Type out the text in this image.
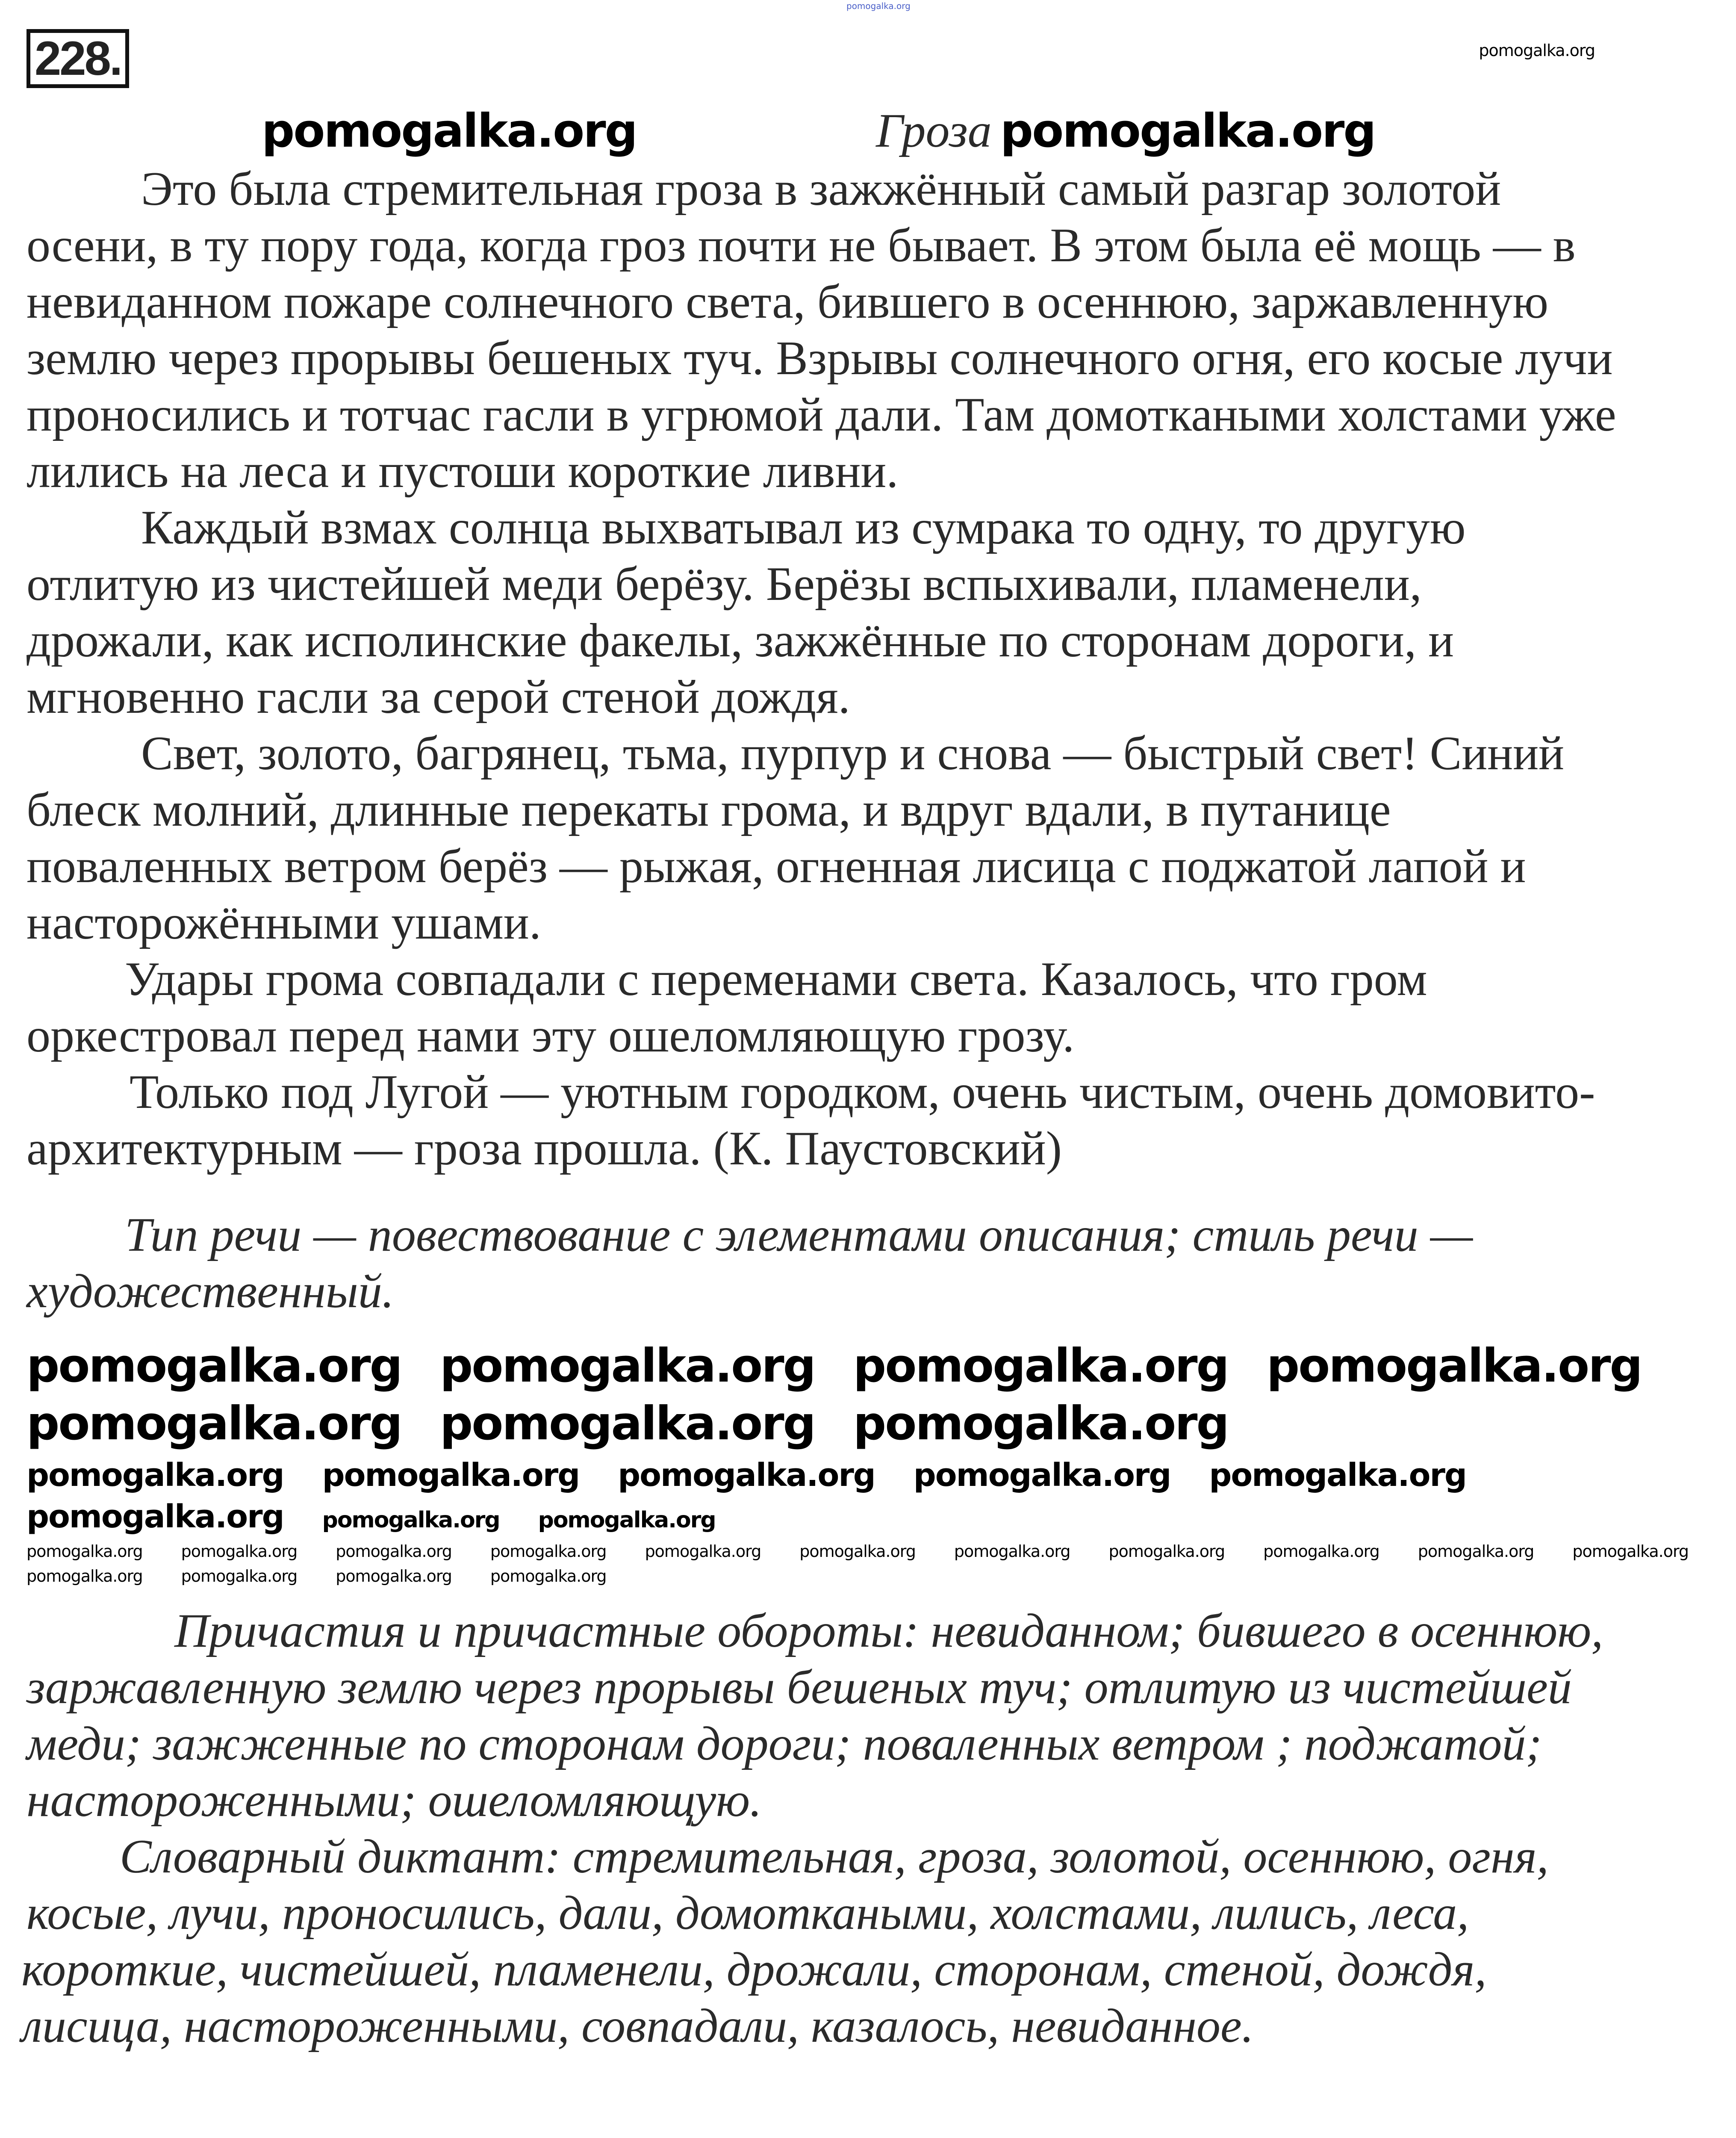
pomogalka.org
228.	pomogalka.org
pomogalka.org	Гроза pomogalka.org
Это была стремительная гроза в зажжённый самый разгар золотой
осени, в ту пору года, когда гроз почти не бывает. В этом была её мощь — в
невиданном пожаре солнечного света, бившего в осеннюю, заржавленную
землю через прорывы бешеных туч. Взрывы солнечного огня, его косые лучи
проносились и тотчас гасли в угрюмой дали. Там домоткаными холстами уже
лились на леса и пустоши короткие ливни.
Каждый взмах солнца выхватывал из сумрака то одну, то другую
отлитую из чистейшей меди берёзу. Берёзы вспыхивали, пламенели,
дрожали, как исполинские факелы, зажжённые по сторонам дороги, и
мгновенно гасли за серой стеной дождя.
Свет, золото, багрянец, тьма, пурпур и снова — быстрый свет! Синий
блеск молний, длинные перекаты грома, и вдруг вдали, в путанице
поваленных ветром берёз — рыжая, огненная лисица с поджатой лапой и
насторожёнными ушами.
Удары грома совпадали с переменами света. Казалось, что гром
оркестровал перед нами эту ошеломляющую грозу.
Только под Лугой — уютным городком, очень чистым, очень домовито-
архитектурным — гроза прошла. (К. Паустовский)
Тип речи — повествование с элементами описания; стиль речи —
художественный.
pomogalka.org pomogalka.org pomogalka.org pomogalka.org
pomogalka.org pomogalka.org pomogalka.org
pomogalka.org pomogalka.org pomogalka.org pomogalka.org pomogalka.org
pomogalka.org pomogalka.org pomogalka.org
pomogalka.org pomogalka.org pomogalka.org pomogalka.org pomogalka.org pomogalka.org pomogalka.org pomogalka.org pomogalka.org pomogalka.org pomogalka.org
pomogalka.org pomogalka.org pomogalka.org pomogalka.org
Причастия и причастные обороты: невиданном; бившего в осеннюю,
заржавленную землю через прорывы бешеных туч; отлитую из чистейшей
меди; зажженные по сторонам дороги; поваленных ветром ; поджатой;
настороженными; ошеломляющую.
Словарный диктант: стремительная, гроза, золотой, осеннюю, огня,
косые, лучи, проносились, дали, домоткаными, холстами, лились, леса,
короткие, чистейшей, пламенели, дрожали, сторонам, стеной, дождя,
лисица, настороженными, совпадали, казалось, невиданное.
